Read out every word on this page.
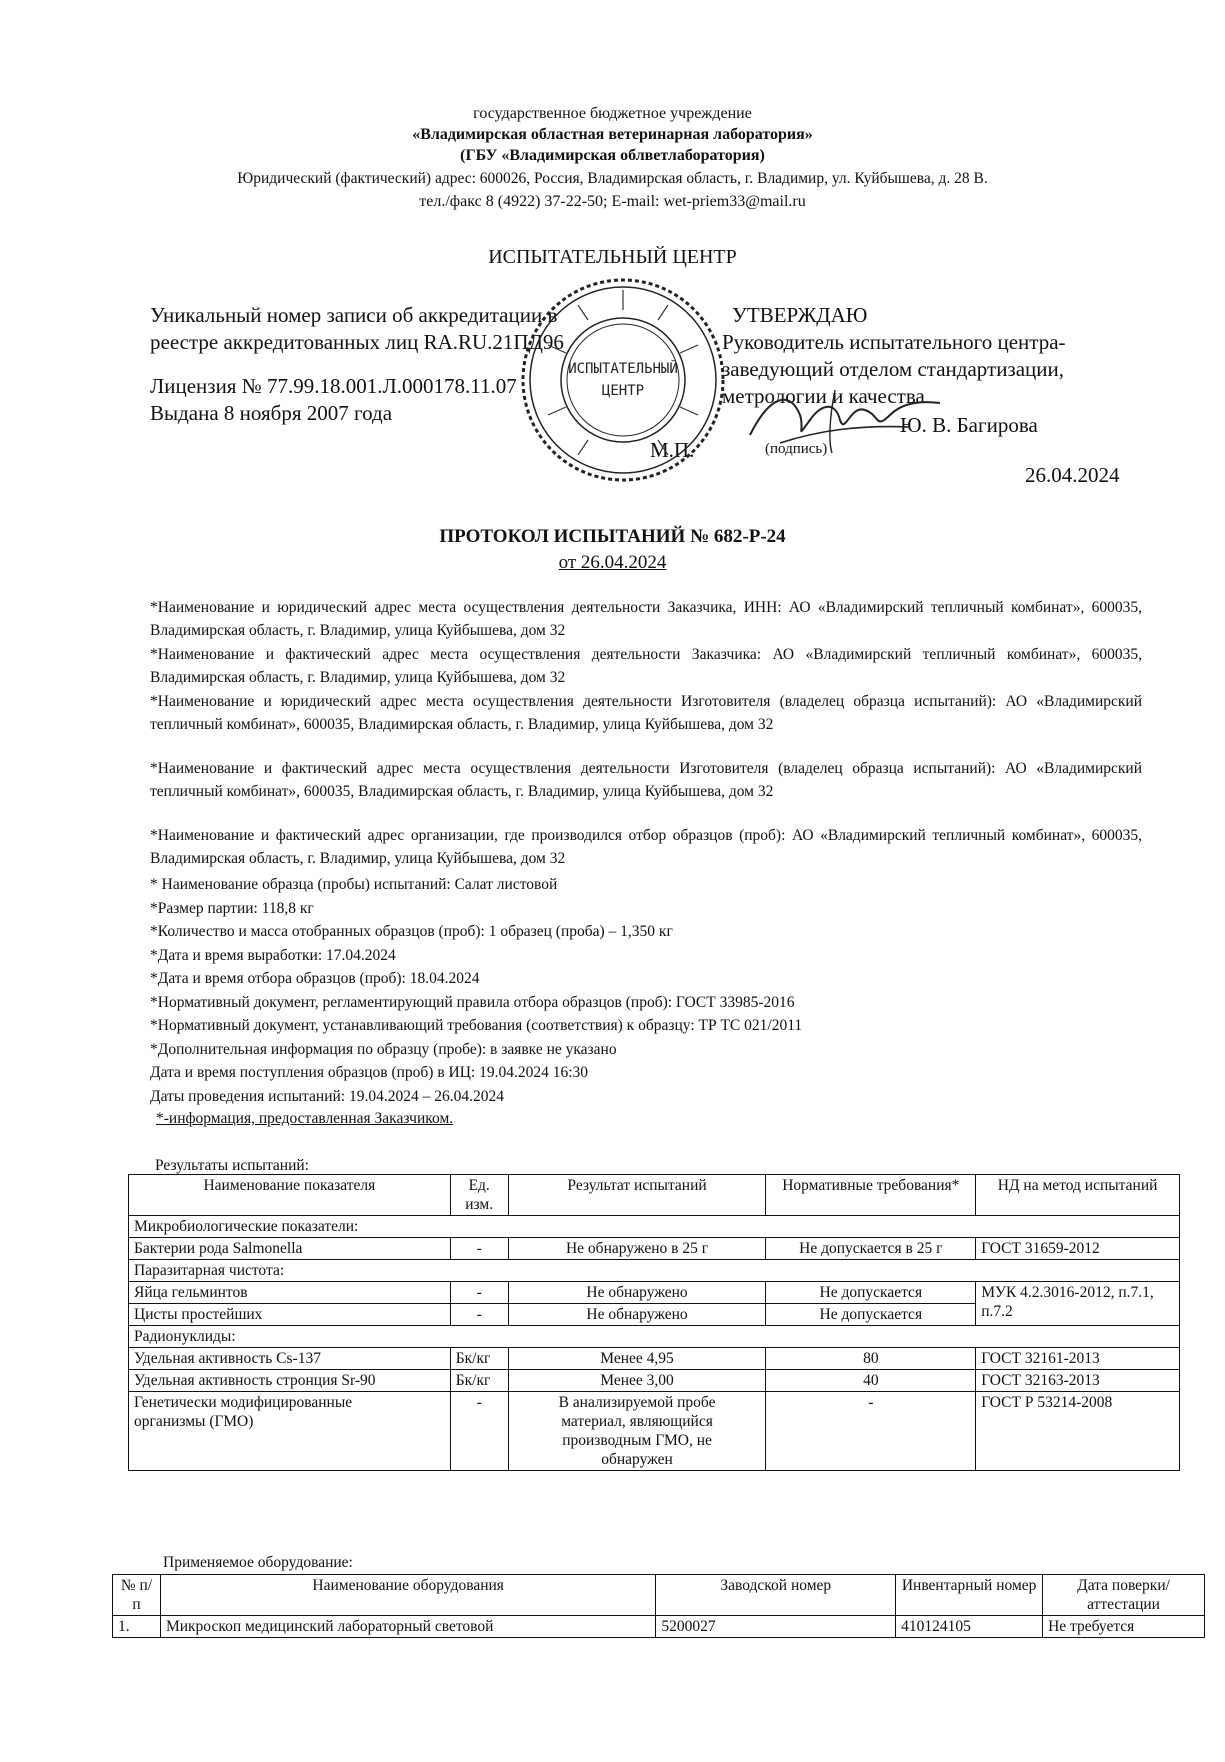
государственное бюджетное учреждение
«Владимирская областная ветеринарная лаборатория»
(ГБУ «Владимирская облветлаборатория)
Юридический (фактический) адрес: 600026, Россия, Владимирская область, г. Владимир, ул. Куйбышева, д. 28 В.
тел./факс 8 (4922) 37-22-50; E-mail: wet-priem33@mail.ru
ИСПЫТАТЕЛЬНЫЙ ЦЕНТР
Уникальный номер записи об аккредитации в
реестре аккредитованных лиц RA.RU.21ПД96
Лицензия № 77.99.18.001.Л.000178.11.07
Выдана 8 ноября 2007 года
УТВЕРЖДАЮ
Руководитель испытательного центра-
заведующий отделом стандартизации,
метрологии и качества
Ю. В. Багирова
(подпись)
М.П.
26.04.2024
ИСПЫТАТЕЛЬНЫЙ
ЦЕНТР
ПРОТОКОЛ ИСПЫТАНИЙ № 682-Р-24
от 26.04.2024
*Наименование и юридический адрес места осуществления деятельности Заказчика, ИНН: АО «Владимирский тепличный комбинат», 600035, Владимирская область, г. Владимир, улица Куйбышева, дом 32
*Наименование и фактический адрес места осуществления деятельности Заказчика: АО «Владимирский тепличный комбинат», 600035, Владимирская область, г. Владимир, улица Куйбышева, дом 32
*Наименование и юридический адрес места осуществления деятельности Изготовителя (владелец образца испытаний): АО «Владимирский тепличный комбинат», 600035, Владимирская область, г. Владимир, улица Куйбышева, дом 32
*Наименование и фактический адрес места осуществления деятельности Изготовителя (владелец образца испытаний): АО «Владимирский тепличный комбинат», 600035, Владимирская область, г. Владимир, улица Куйбышева, дом 32
*Наименование и фактический адрес организации, где производился отбор образцов (проб): АО «Владимирский тепличный комбинат», 600035, Владимирская область, г. Владимир, улица Куйбышева, дом 32
* Наименование образца (пробы) испытаний: Салат листовой
*Размер партии: 118,8 кг
*Количество и масса отобранных образцов (проб): 1 образец (проба) – 1,350 кг
*Дата и время выработки: 17.04.2024
*Дата и время отбора образцов (проб): 18.04.2024
*Нормативный документ, регламентирующий правила отбора образцов (проб): ГОСТ 33985-2016
*Нормативный документ, устанавливающий требования (соответствия) к образцу: ТР ТС 021/2011
*Дополнительная информация по образцу (пробе): в заявке не указано
Дата и время поступления образцов (проб) в ИЦ: 19.04.2024 16:30
Даты проведения испытаний: 19.04.2024 – 26.04.2024
*-информация, предоставленная Заказчиком.
Результаты испытаний:
Наименование показателя	Ед. изм.	Результат испытаний	Нормативные требования*	НД на метод испытаний
Микробиологические показатели:				
Бактерии рода Salmonella	-	Не обнаружено в 25 г	Не допускается в 25 г	ГОСТ 31659-2012
Паразитарная чистота:				
Яйца гельминтов	-	Не обнаружено	Не допускается	МУК 4.2.3016-2012, п.7.1, п.7.2
Цисты простейших	-	Не обнаружено	Не допускается	
Радионуклиды:				
Удельная активность Cs-137	Бк/кг	Менее 4,95	80	ГОСТ 32161-2013
Удельная активность стронция Sr-90	Бк/кг	Менее 3,00	40	ГОСТ 32163-2013
Генетически модифицированные организмы (ГМО)	-	В анализируемой пробе материал, являющийся производным ГМО, не обнаружен	-	ГОСТ Р 53214-2008
Применяемое оборудование:
№ п/п	Наименование оборудования	Заводской номер	Инвентарный номер	Дата поверки/ аттестации
1.	Микроскоп медицинский лабораторный световой	5200027	410124105	Не требуется
